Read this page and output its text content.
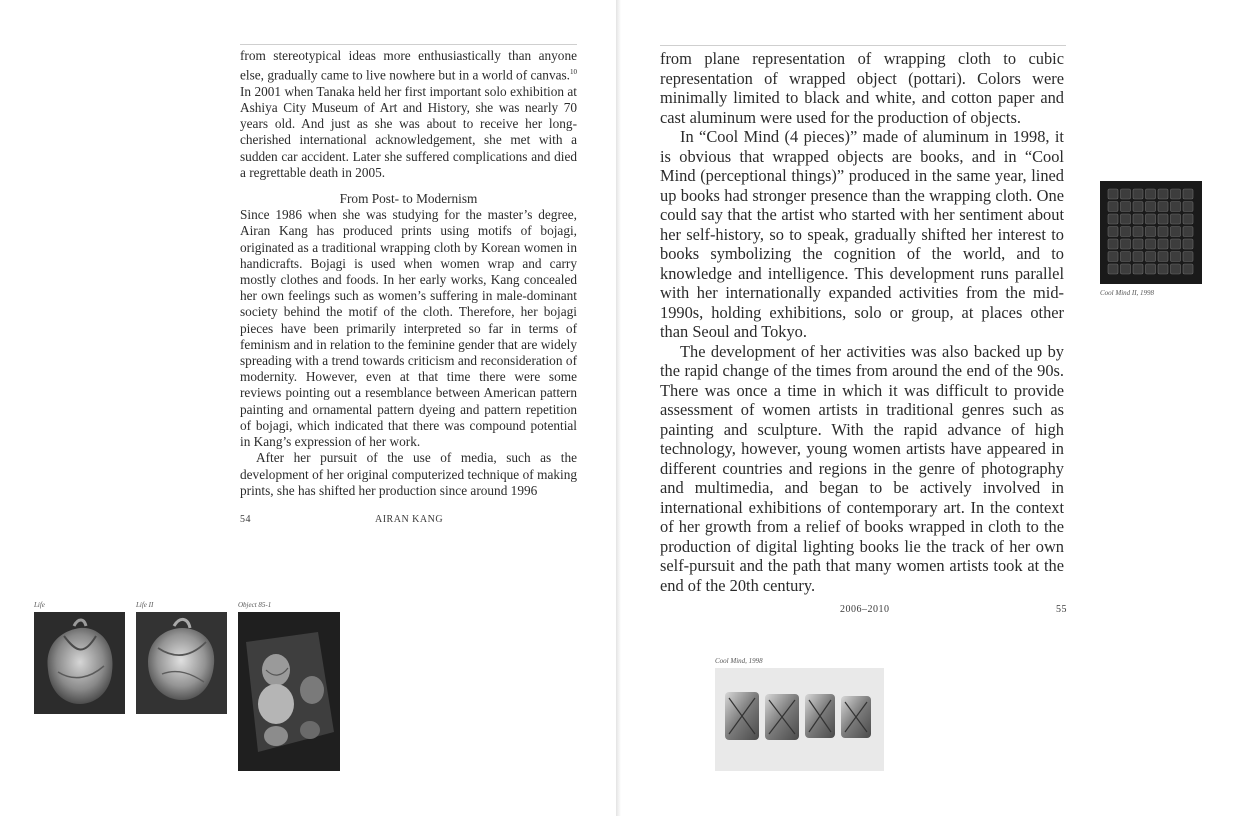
from stereotypical ideas more enthusiastically than anyone else, gradually came to live nowhere but in a world of canvas.$^{10}$ In 2001 when Tanaka held her first important solo exhibition at Ashiya City Museum of Art and History, she was nearly 70 years old. And just as she was about to receive her long-cherished international acknowledgement, she met with a sudden car accident. Later she suffered complications and died a regrettable death in 2005.

From Post- to Modernism

Since 1986 when she was studying for the master’s degree, Airan Kang has produced prints using motifs of bojagi, originated as a traditional wrapping cloth by Korean women in handicrafts. Bojagi is used when women wrap and carry mostly clothes and foods. In her early works, Kang concealed her own feelings such as women’s suffering in male-dominant society behind the motif of the cloth. Therefore, her bojagi pieces have been primarily interpreted so far in terms of feminism and in relation to the feminine gender that are widely spreading with a trend towards criticism and reconsideration of modernity. However, even at that time there were some reviews pointing out a resemblance between American pattern painting and ornamental pattern dyeing and pattern repetition of bojagi, which indicated that there was compound potential in Kang’s expression of her work.

After her pursuit of the use of media, such as the development of her original computerized technique of making prints, she has shifted her production since around 1996

54	AIRAN KANG
Life	Life II	Object 85-1

from plane representation of wrapping cloth to cubic representation of wrapped object (pottari). Colors were minimally limited to black and white, and cotton paper and cast aluminum were used for the production of objects.

In “Cool Mind (4 pieces)” made of aluminum in 1998, it is obvious that wrapped objects are books, and in “Cool Mind (perceptional things)” produced in the same year, lined up books had stronger presence than the wrapping cloth. One could say that the artist who started with her sentiment about her self-history, so to speak, gradually shifted her interest to books symbolizing the cognition of the world, and to knowledge and intelligence. This development runs parallel with her internationally expanded activities from the mid-1990s, holding exhibitions, solo or group, at places other than Seoul and Tokyo.

The development of her activities was also backed up by the rapid change of the times from around the end of the 90s. There was once a time in which it was difficult to provide assessment of women artists in traditional genres such as painting and sculpture. With the rapid advance of high technology, however, young women artists have appeared in different countries and regions in the genre of photography and multimedia, and began to be actively involved in international exhibitions of contemporary art. In the context of her growth from a relief of books wrapped in cloth to the production of digital lighting books lie the track of her own self-pursuit and the path that many women artists took at the end of the 20th century.

2006–2010	55
Cool Mind II, 1998
Cool Mind, 1998
